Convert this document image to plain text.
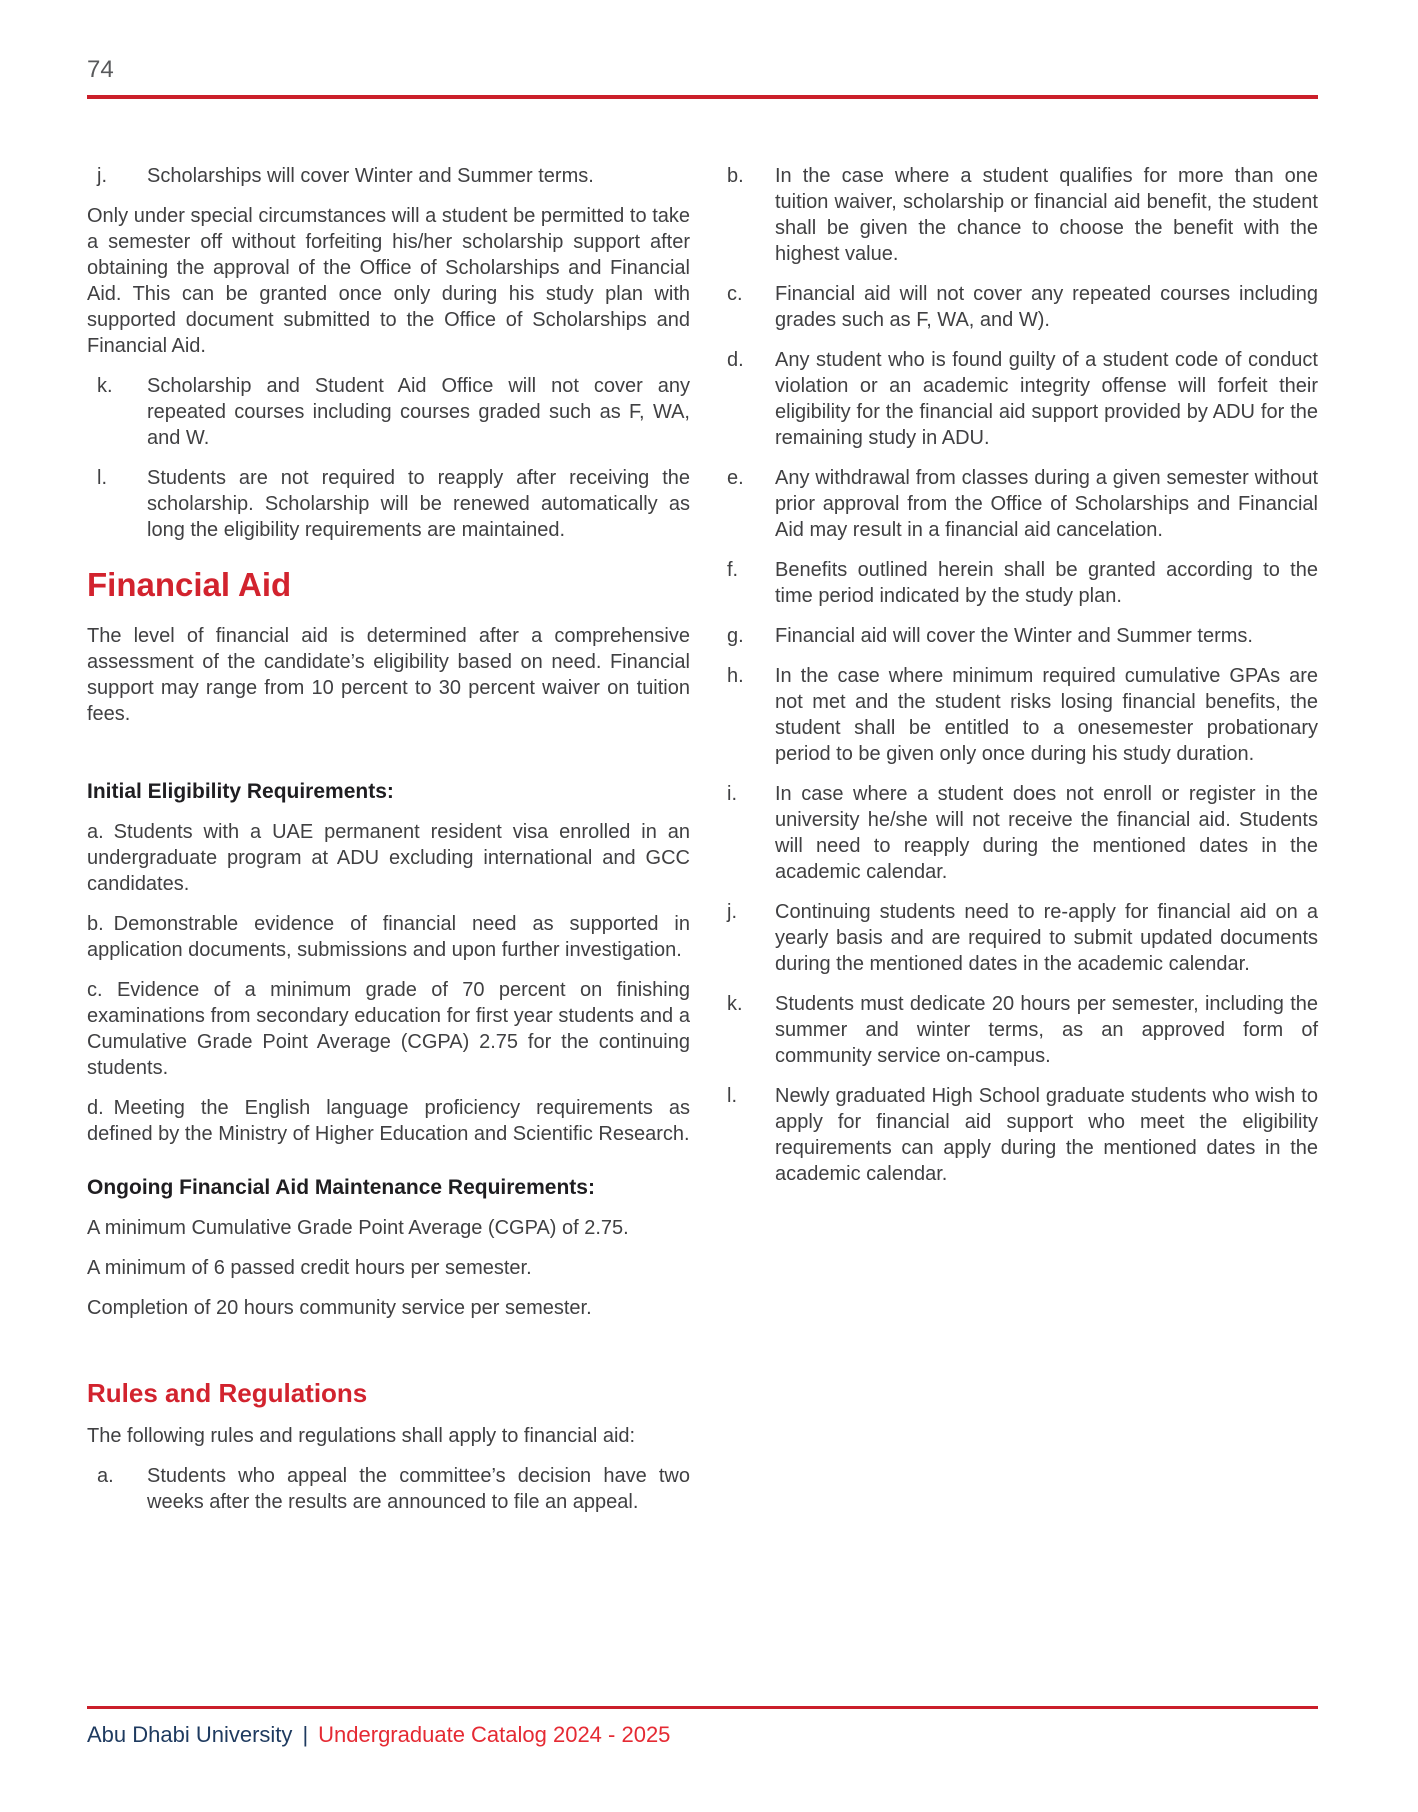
74
j.	Scholarships will cover Winter and Summer terms.

Only under special circumstances will a student be permitted to take a semester off without forfeiting his/her scholarship support after obtaining the approval of the Office of Scholarships and Financial Aid. This can be granted once only during his study plan with supported document submitted to the Office of Scholarships and Financial Aid.

k.	Scholarship and Student Aid Office will not cover any repeated courses including courses graded such as F, WA, and W.
l.	Students are not required to reapply after receiving the scholarship. Scholarship will be renewed automatically as long the eligibility requirements are maintained.
Financial Aid

The level of financial aid is determined after a comprehensive assessment of the candidate’s eligibility based on need. Financial support may range from 10 percent to 30 percent waiver on tuition fees.

Initial Eligibility Requirements:

a. Students with a UAE permanent resident visa enrolled in an undergraduate program at ADU excluding international and GCC candidates.

b. Demonstrable evidence of financial need as supported in application documents, submissions and upon further investigation.

c. Evidence of a minimum grade of 70 percent on finishing examinations from secondary education for first year students and a Cumulative Grade Point Average (CGPA) 2.75 for the continuing students.

d. Meeting the English language proficiency requirements as defined by the Ministry of Higher Education and Scientific Research.

Ongoing Financial Aid Maintenance Requirements:

A minimum Cumulative Grade Point Average (CGPA) of 2.75.

A minimum of 6 passed credit hours per semester.

Completion of 20 hours community service per semester.

Rules and Regulations

The following rules and regulations shall apply to financial aid:

a.	Students who appeal the committee’s decision have two weeks after the results are announced to file an appeal.
b.	In the case where a student qualifies for more than one tuition waiver, scholarship or financial aid benefit, the student shall be given the chance to choose the benefit with the highest value.
c.	Financial aid will not cover any repeated courses including grades such as F, WA, and W).
d.	Any student who is found guilty of a student code of conduct violation or an academic integrity offense will forfeit their eligibility for the financial aid support provided by ADU for the remaining study in ADU.
e.	Any withdrawal from classes during a given semester without prior approval from the Office of Scholarships and Financial Aid may result in a financial aid cancelation.
f.	Benefits outlined herein shall be granted according to the time period indicated by the study plan.
g.	Financial aid will cover the Winter and Summer terms.
h.	In the case where minimum required cumulative GPAs are not met and the student risks losing financial benefits, the student shall be entitled to a onesemester probationary period to be given only once during his study duration.
i.	In case where a student does not enroll or register in the university he/she will not receive the financial aid. Students will need to reapply during the mentioned dates in the academic calendar.
j.	Continuing students need to re-apply for financial aid on a yearly basis and are required to submit updated documents during the mentioned dates in the academic calendar.
k.	Students must dedicate 20 hours per semester, including the summer and winter terms, as an approved form of community service on-campus.
l.	Newly graduated High School graduate students who wish to apply for financial aid support who meet the eligibility requirements can apply during the mentioned dates in the academic calendar.
Abu Dhabi University | Undergraduate Catalog 2024 - 2025
